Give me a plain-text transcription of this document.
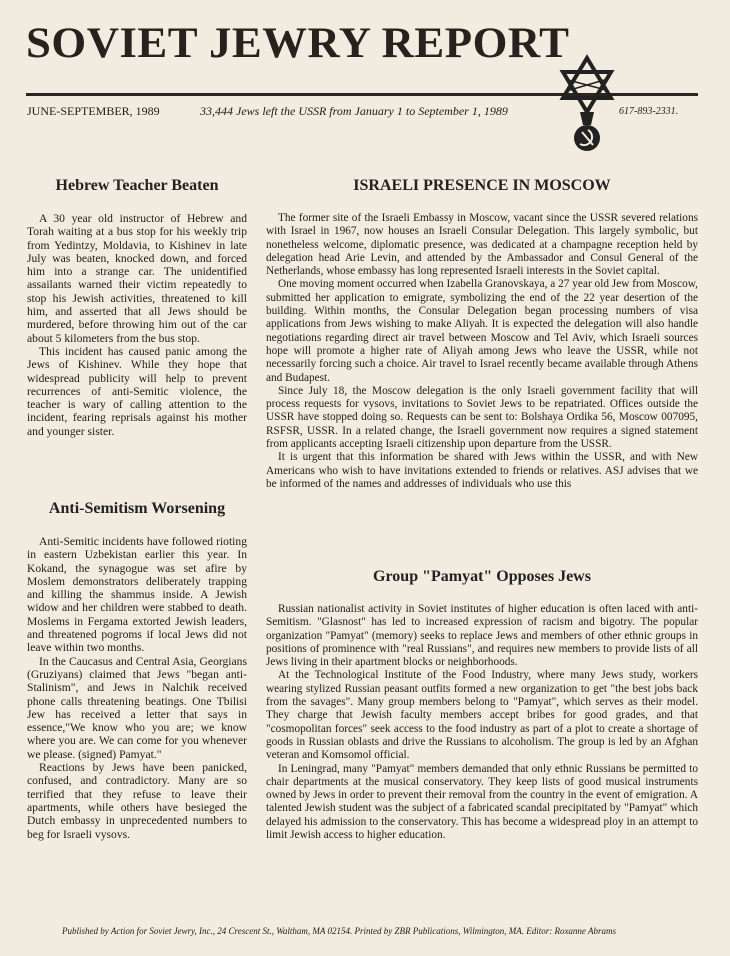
SOVIET JEWRY REPORT
JUNE-SEPTEMBER, 1989	33,444 Jews left the USSR from January 1 to September 1, 1989	617-893-2331.
Hebrew Teacher Beaten

A 30 year old instructor of Hebrew and Torah waiting at a bus stop for his weekly trip from Yedintzy, Moldavia, to Kishinev in late July was beaten, knocked down, and forced him into a strange car. The unidentified assailants warned their victim repeatedly to stop his Jewish activities, threatened to kill him, and asserted that all Jews should be murdered, before throwing him out of the car about 5 kilometers from the bus stop.

This incident has caused panic among the Jews of Kishinev. While they hope that widespread publicity will help to prevent recurrences of anti-Semitic violence, the teacher is wary of calling attention to the incident, fearing reprisals against his mother and younger sister.

Anti-Semitism Worsening

Anti-Semitic incidents have followed rioting in eastern Uzbekistan earlier this year. In Kokand, the synagogue was set afire by Moslem demonstrators deliberately trapping and killing the shammus inside. A Jewish widow and her children were stabbed to death. Moslems in Fergama extorted Jewish leaders, and threatened pogroms if local Jews did not leave within two months.

In the Caucasus and Central Asia, Georgians (Gruziyans) claimed that Jews "began anti-Stalinism", and Jews in Nalchik received phone calls threatening beatings. One Tbilisi Jew has received a letter that says in essence,"We know who you are; we know where you are. We can come for you whenever we please. (signed) Pamyat."

Reactions by Jews have been panicked, confused, and contradictory. Many are so terrified that they refuse to leave their apartments, while others have besieged the Dutch embassy in unprecedented numbers to beg for Israeli vysovs.

ISRAELI PRESENCE IN MOSCOW

The former site of the Israeli Embassy in Moscow, vacant since the USSR severed relations with Israel in 1967, now houses an Israeli Consular Delegation. This largely symbolic, but nonetheless welcome, diplomatic presence, was dedicated at a champagne reception held by delegation head Arie Levin, and attended by the Ambassador and Consul General of the Netherlands, whose embassy has long represented Israeli interests in the Soviet capital.

One moving moment occurred when Izabella Granovskaya, a 27 year old Jew from Moscow, submitted her application to emigrate, symbolizing the end of the 22 year desertion of the building. Within months, the Consular Delegation began processing numbers of visa applications from Jews wishing to make Aliyah. It is expected the delegation will also handle negotiations regarding direct air travel between Moscow and Tel Aviv, which Israeli sources hope will promote a higher rate of Aliyah among Jews who leave the USSR, while not necessarily forcing such a choice. Air travel to Israel recently became available through Athens and Budapest.

Since July 18, the Moscow delegation is the only Israeli government facility that will process requests for vysovs, invitations to Soviet Jews to be repatriated. Offices outside the USSR have stopped doing so. Requests can be sent to: Bolshaya Ordika 56, Moscow 007095, RSFSR, USSR. In a related change, the Israeli government now requires a signed statement from applicants accepting Israeli citizenship upon departure from the USSR.

It is urgent that this information be shared with Jews within the USSR, and with New Americans who wish to have invitations extended to friends or relatives. ASJ advises that we be informed of the names and addresses of individuals who use this

Group "Pamyat" Opposes Jews

Russian nationalist activity in Soviet institutes of higher education is often laced with anti-Semitism. "Glasnost" has led to increased expression of racism and bigotry. The popular organization "Pamyat" (memory) seeks to replace Jews and members of other ethnic groups in positions of prominence with "real Russians", and requires new members to provide lists of all Jews living in their apartment blocks or neighborhoods.

At the Technological Institute of the Food Industry, where many Jews study, workers wearing stylized Russian peasant outfits formed a new organization to get "the best jobs back from the savages". Many group members belong to "Pamyat", which serves as their model. They charge that Jewish faculty members accept bribes for good grades, and that "cosmopolitan forces" seek access to the food industry as part of a plot to create a shortage of goods in Russian oblasts and drive the Russians to alcoholism. The group is led by an Afghan veteran and Komsomol official.

In Leningrad, many "Pamyat" members demanded that only ethnic Russians be permitted to chair departments at the musical conservatory. They keep lists of good musical instruments owned by Jews in order to prevent their removal from the country in the event of emigration. A talented Jewish student was the subject of a fabricated scandal precipitated by "Pamyat" which delayed his admission to the conservatory. This has become a widespread ploy in an attempt to limit Jewish access to higher education.

Published by Action for Soviet Jewry, Inc., 24 Crescent St., Waltham, MA 02154. Printed by ZBR Publications, Wilmington, MA. Editor: Roxanne Abrams
